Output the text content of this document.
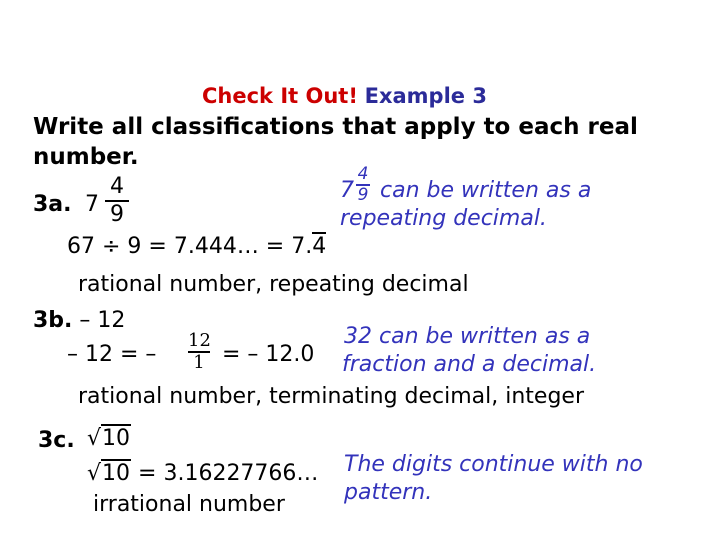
Check It Out! Example 3
Write all classifications that apply to each real
number.
3a. 7
4
9
67 ÷ 9 = 7.444… = 7.4
7
4
9 can be written as a
repeating decimal.
rational number, repeating decimal
3b. – 12
– 12 = –
12
1 = – 12.0
32 can be written as a
fraction and a decimal.
rational number, terminating decimal, integer
3c. √10
√10 = 3.16227766… The digits continue with no
pattern.
irrational number
